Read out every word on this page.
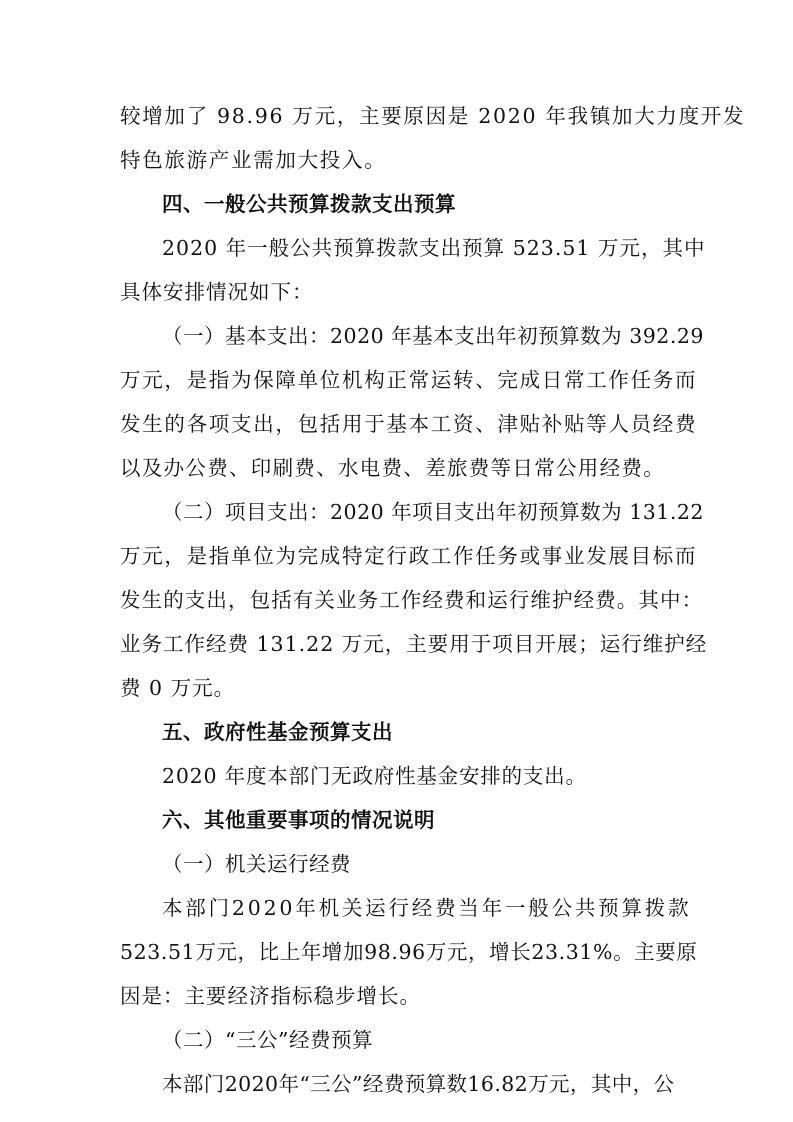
较增加了 98.96 万元，主要原因是 2020 年我镇加大力度开发
特色旅游产业需加大投入。
四、一般公共预算拨款支出预算
2020 年一般公共预算拨款支出预算 523.51 万元，其中
具体安排情况如下：
（一）基本支出：2020 年基本支出年初预算数为 392.29
万元，是指为保障单位机构正常运转、完成日常工作任务而
发生的各项支出，包括用于基本工资、津贴补贴等人员经费
以及办公费、印刷费、水电费、差旅费等日常公用经费。
（二）项目支出：2020 年项目支出年初预算数为 131.22
万元，是指单位为完成特定行政工作任务或事业发展目标而
发生的支出，包括有关业务工作经费和运行维护经费。其中：
业务工作经费 131.22 万元，主要用于项目开展；运行维护经
费 0 万元。
五、政府性基金预算支出
2020 年度本部门无政府性基金安排的支出。
六、其他重要事项的情况说明
（一）机关运行经费
本部门2020年机关运行经费当年一般公共预算拨款
523.51万元，比上年增加98.96万元，增长23.31%。主要原
因是：主要经济指标稳步增长。
（二）“三公”经费预算
本部门2020年“三公”经费预算数16.82万元，其中，公
